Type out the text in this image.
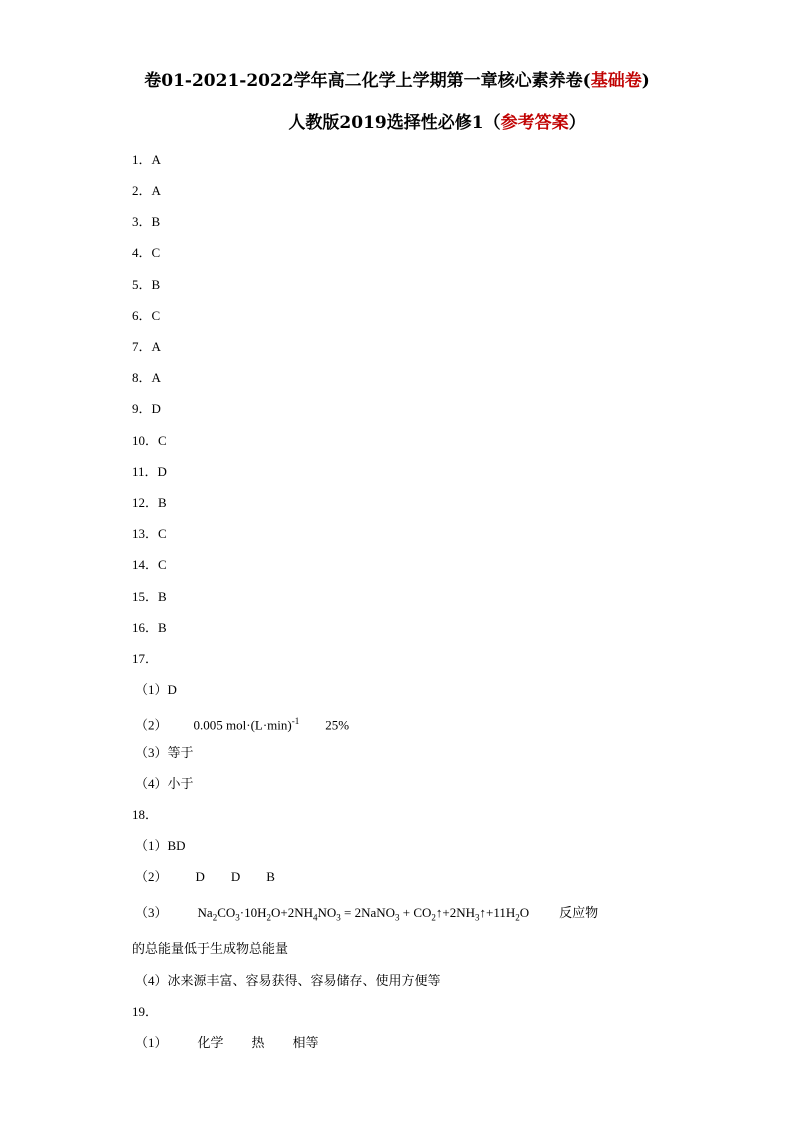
卷01-2021-2022学年高二化学上学期第一章核心素养卷(基础卷)
人教版2019选择性必修1（参考答案）
1．A
2．A
3．B
4．C
5．B
6．C
7．A
8．A
9．D
10．C
11．D
12．B
13．C
14．C
15．B
16．B
17．
（1）D
（2） 0.005 $mol\cdot(L\cdot\min)^{-1}$ 25%
（3）等于
（4）小于
18．
（1）BD
（2） D D B
（3） $Na_2CO_3\cdot 10H_2O+2NH_4NO_3$ = 2NaNO$_3$ + $CO_2↑+2NH_3↑+11H_2O$ 反应物
的总能量低于生成物总能量
（4）冰来源丰富、容易获得、容易储存、使用方便等
19．
（1） 化学 热 相等
